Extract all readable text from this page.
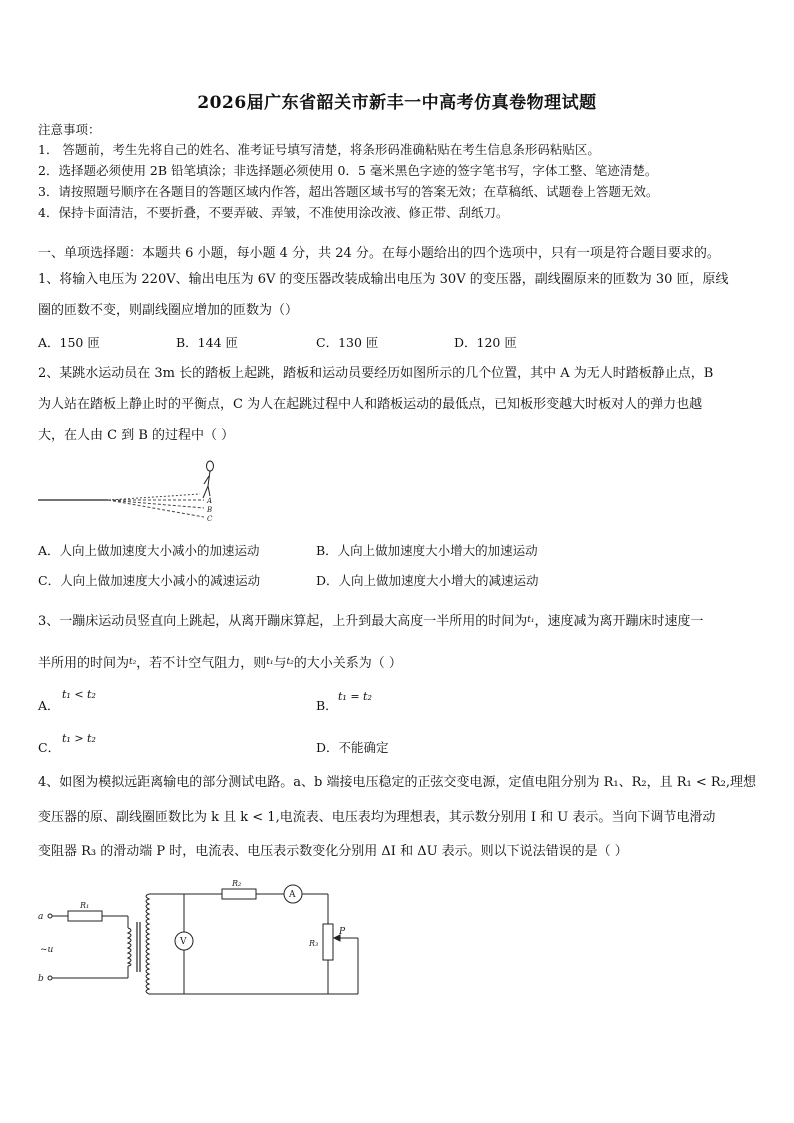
2026届广东省韶关市新丰一中高考仿真卷物理试题
注意事项：
1． 答题前，考生先将自己的姓名、准考证号填写清楚，将条形码准确粘贴在考生信息条形码粘贴区。
2．选择题必须使用 2B 铅笔填涂；非选择题必须使用 0．5 毫米黑色字迹的签字笔书写，字体工整、笔迹清楚。
3．请按照题号顺序在各题目的答题区域内作答，超出答题区域书写的答案无效；在草稿纸、试题卷上答题无效。
4．保持卡面清洁，不要折叠，不要弄破、弄皱，不准使用涂改液、修正带、刮纸刀。
一、单项选择题：本题共 6 小题，每小题 4 分，共 24 分。在每小题给出的四个选项中，只有一项是符合题目要求的。
1、将输入电压为 220V、输出电压为 6V 的变压器改装成输出电压为 30V 的变压器，副线圈原来的匝数为 30 匝，原线
圈的匝数不变，则副线圈应增加的匝数为（）
A．150 匝	B．144 匝	C．130 匝	D．120 匝
2、某跳水运动员在 3m 长的踏板上起跳，踏板和运动员要经历如图所示的几个位置，其中 A 为无人时踏板静止点，B
为人站在踏板上静止时的平衡点，C 为人在起跳过程中人和踏板运动的最低点，已知板形变越大时板对人的弹力也越
大，在人由 C 到 B 的过程中（ ）
A
B
C
A．人向上做加速度大小减小的加速运动	B．人向上做加速度大小增大的加速运动
C．人向上做加速度大小减小的减速运动	D．人向上做加速度大小增大的减速运动
3、一蹦床运动员竖直向上跳起，从离开蹦床算起，上升到最大高度一半所用的时间为$^{t_1}$，速度减为离开蹦床时速度一
半所用的时间为$^{t_2}$，若不计空气阻力，则$^{t_1}$与$^{t_2}$的大小关系为（ ）
A．
t₁ < t₂
B．
t₁ = t₂
C．
t₁ > t₂
D．不能确定
4、如图为模拟远距离输电的部分测试电路。a、b 端接电压稳定的正弦交变电源，定值电阻分别为 R₁、R₂，且 R₁ < R₂,理想
变压器的原、副线圈匝数比为 k 且 k < 1,电流表、电压表均为理想表，其示数分别用 I 和 U 表示。当向下调节电滑动
变阻器 R₃ 的滑动端 P 时，电流表、电压表示数变化分别用 ΔI 和 ΔU 表示。则以下说法错误的是（ ）
a
b
~u
R₁
R₂
R₃
P
A
V
